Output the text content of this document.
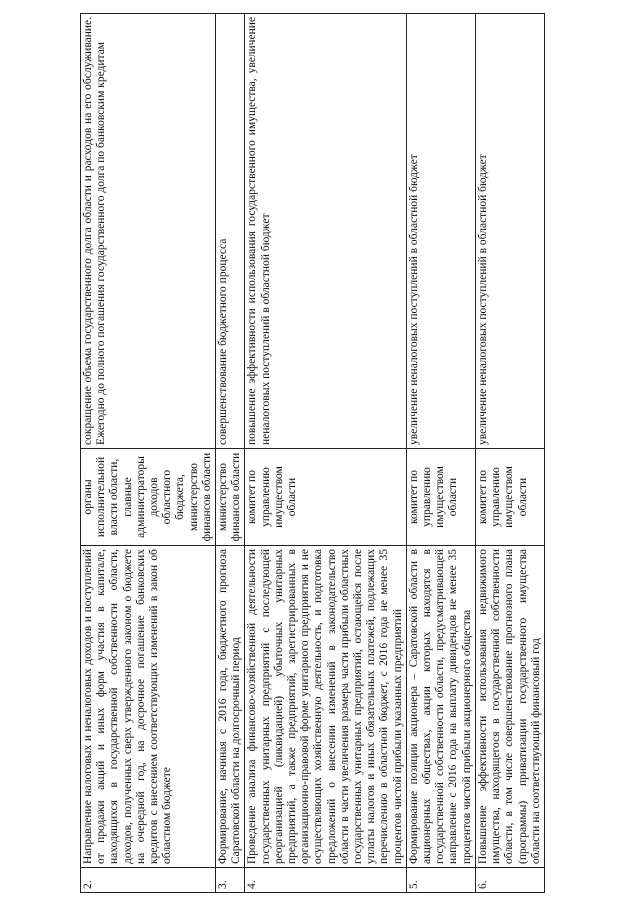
2.	Направление налоговых и неналоговых доходов и поступлений от продажи акций и иных форм участия в капитале, находящихся в государственной собственности области, доходов, полученных сверх утвержденного законом о бюджете на очередной год, на досрочное погашение банковских кредитов с внесением соответствующих изменений в закон об областном бюджете	органы исполнительной власти области, главные администраторы доходов областного бюджета, министерство финансов области	сокращение объема государственного долга области и расходов на его обслуживание. Ежегодно до полного погашения государственного долга по банковским кредитам
3.	Формирование, начиная с 2016 года, бюджетного прогноза Саратовской области на долгосрочный период	министерство финансов области	совершенствование бюджетного процесса
4.	Проведение анализа финансово-хозяйственной деятельности государственных унитарных предприятий с последующей реорганизацией (ликвидацией) убыточных унитарных предприятий, а также предприятий, зарегистрированных в организационно-правовой форме унитарного предприятия и не осуществляющих хозяйственную деятельность, и подготовка предложений о внесении изменений в законодательство области в части увеличения размера части прибыли областных государственных унитарных предприятий, остающейся после уплаты налогов и иных обязательных платежей, подлежащих перечислению в областной бюджет, с 2016 года не менее 35 процентов чистой прибыли указанных предприятий	комитет по управлению имуществом области	повышение эффективности использования государственного имущества, увеличение неналоговых поступлений в областной бюджет
5.	Формирование позиции акционера – Саратовской области в акционерных обществах, акции которых находятся в государственной собственности области, предусматривающей направление с 2016 года на выплату дивидендов не менее 35 процентов чистой прибыли акционерного общества	комитет по управлению имуществом области	увеличение неналоговых поступлений в областной бюджет
6.	Повышение эффективности использования недвижимого имущества, находящегося в государственной собственности области, в том числе совершенствование прогнозного плана (программы) приватизации государственного имущества области на соответствующий финансовый год	комитет по управлению имуществом области	увеличение неналоговых поступлений в областной бюджет
